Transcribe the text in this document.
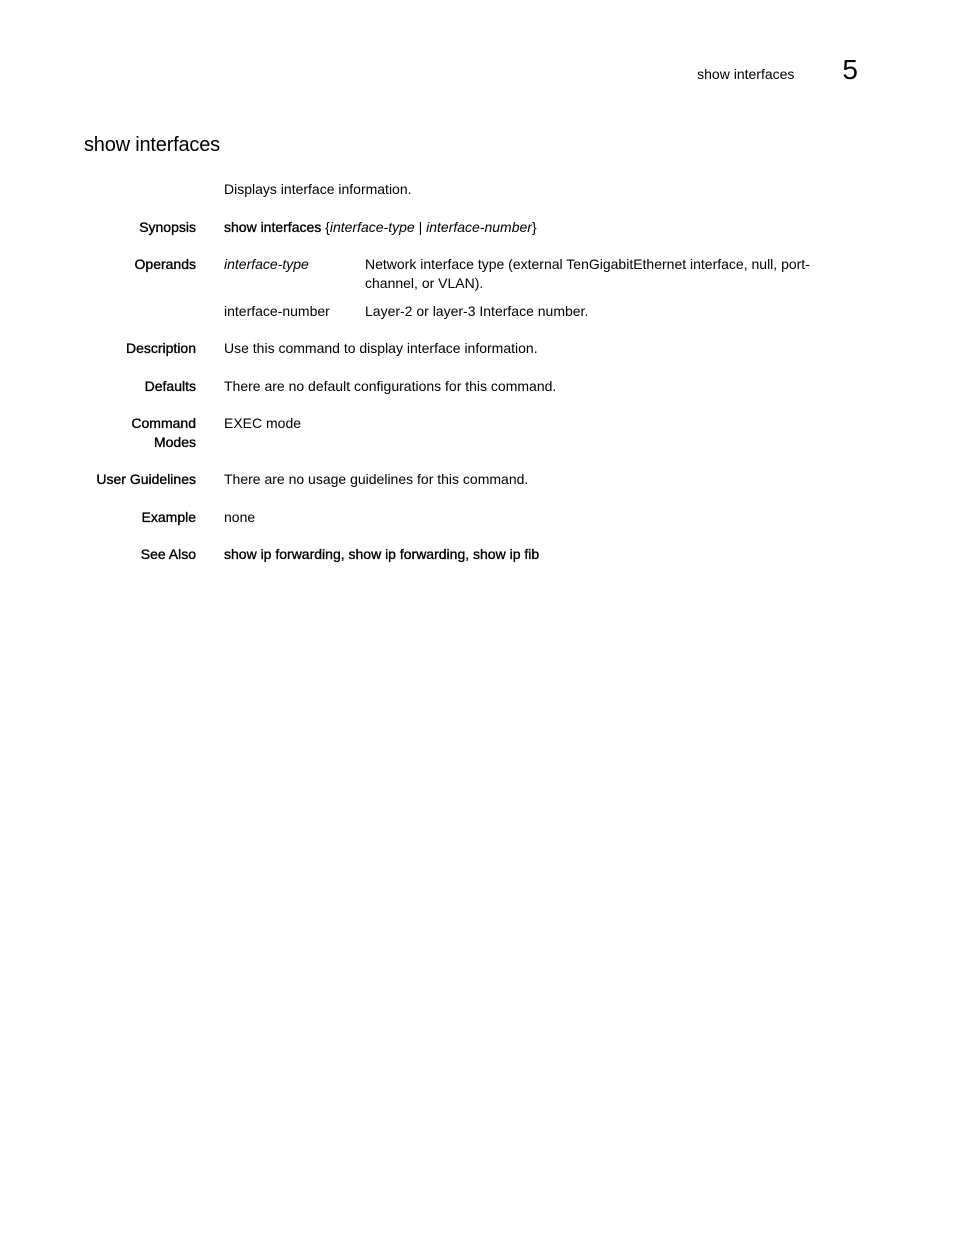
show interfaces 5
show interfaces
Displays interface information.
Synopsis show interfaces {interface-type | interface-number}
Operands interface-type	Network interface type (external TenGigabitEthernet interface, null, port-channel, or VLAN).
interface-number	Layer-2 or layer-3 Interface number.
Description Use this command to display interface information.
Defaults There are no default configurations for this command.
Command
Modes
EXEC mode
User Guidelines There are no usage guidelines for this command.
Example none
See Also show ip forwarding, show ip forwarding, show ip fib
